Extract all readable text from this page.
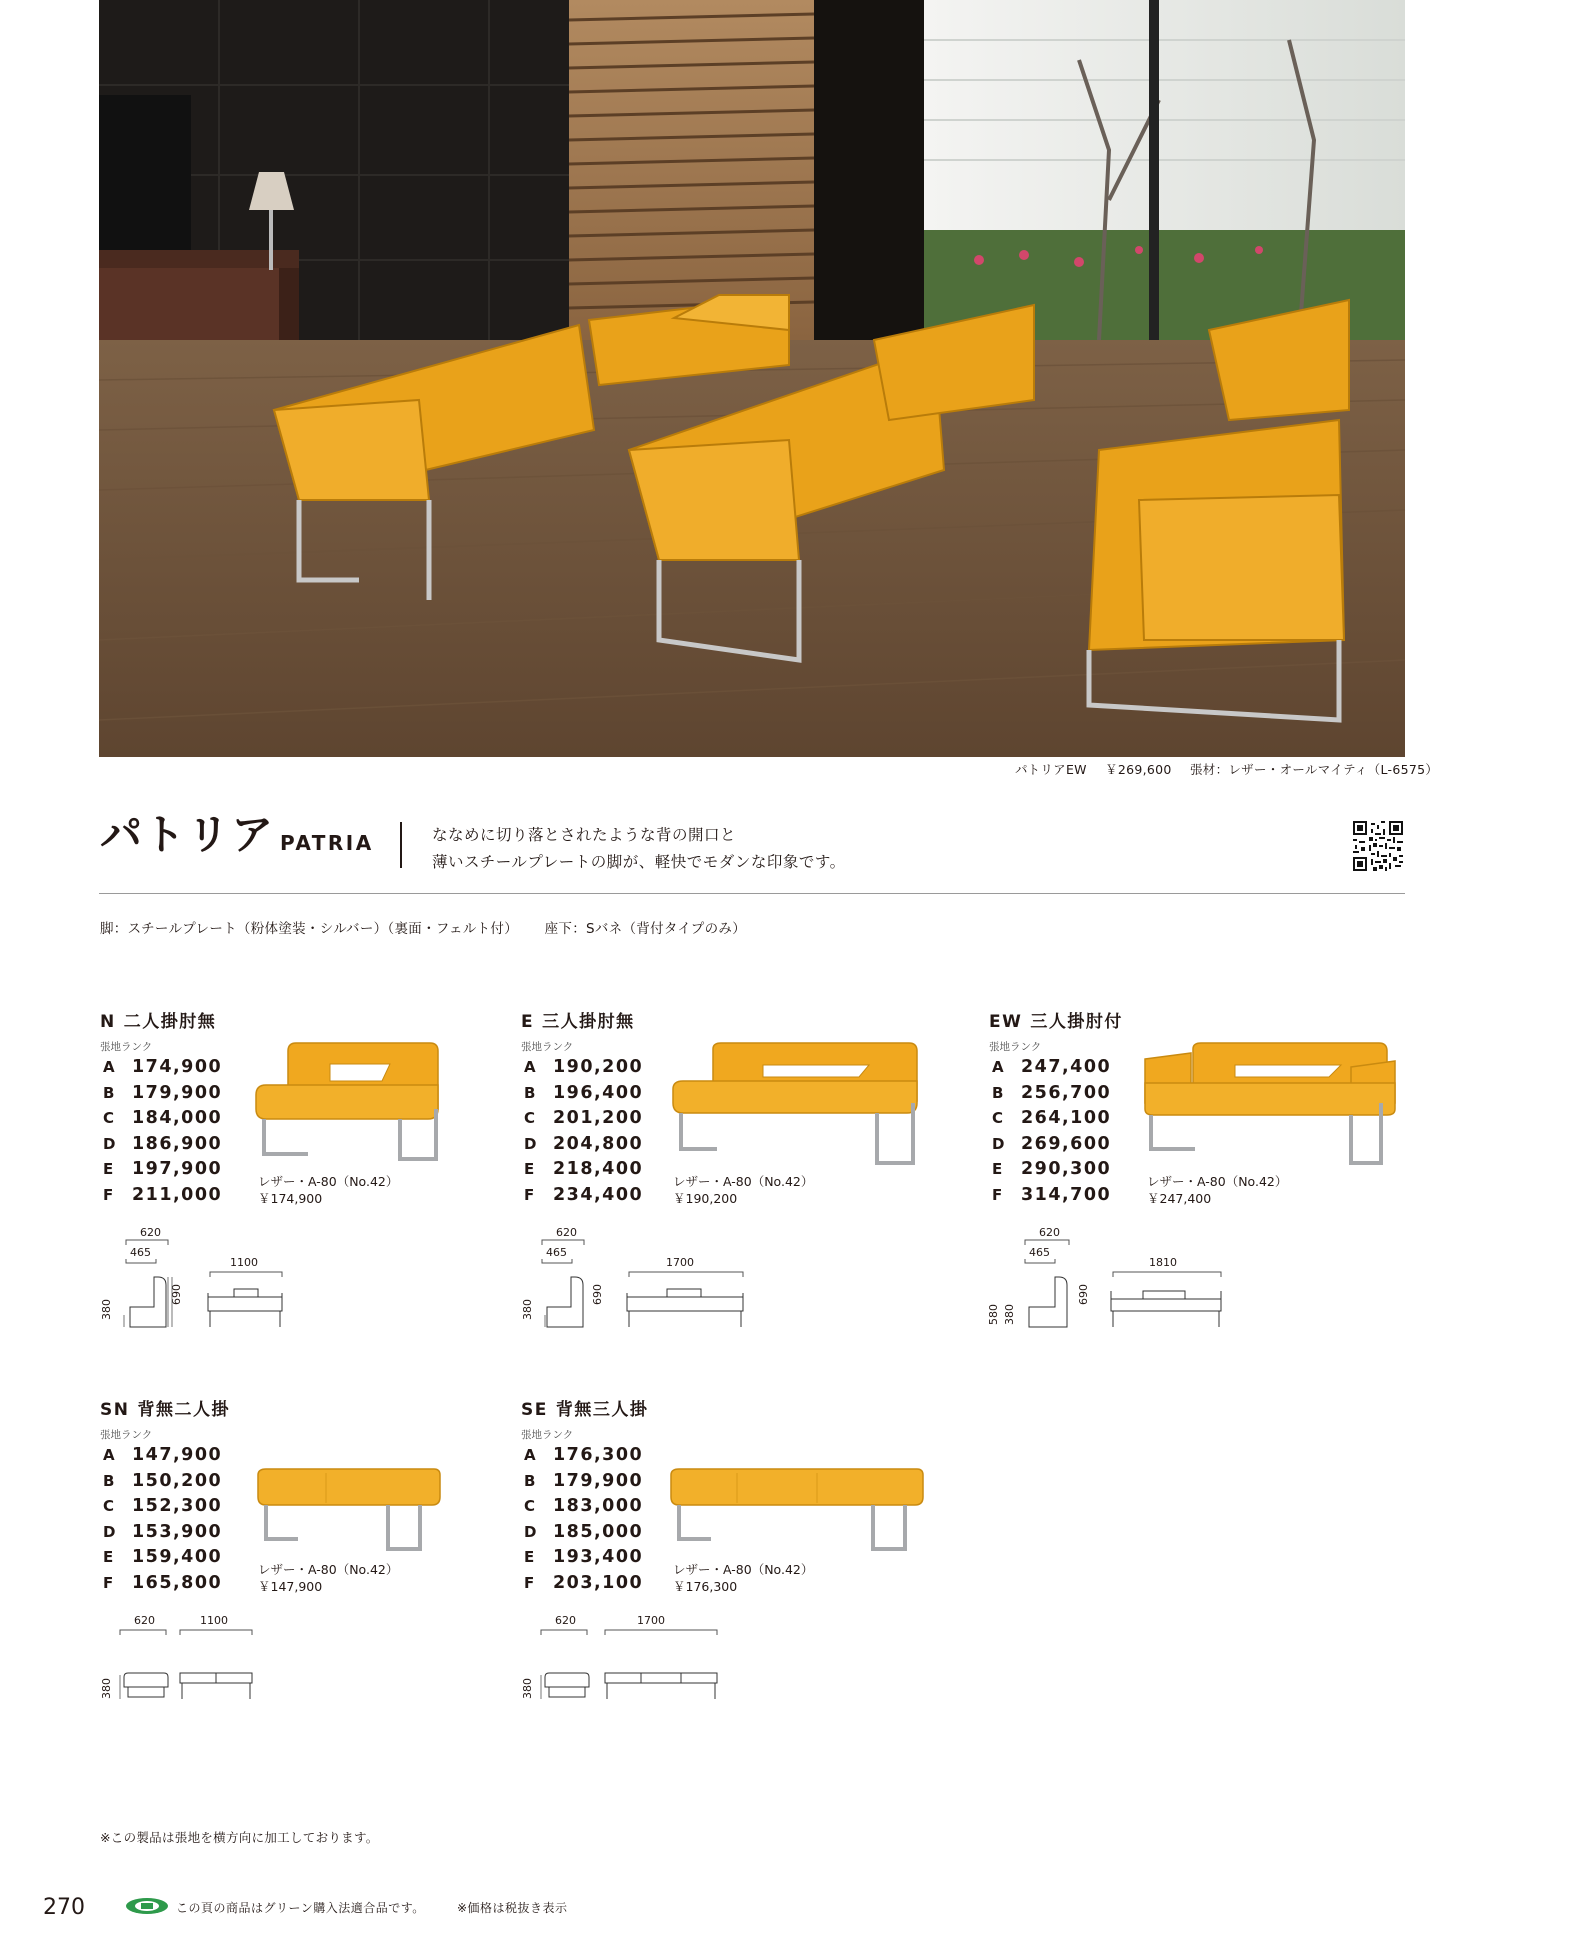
パトリアEW ￥269,600 張材：レザー・オールマイティ（L-6575）
パトリア PATRIA	ななめに切り落とされたような背の開口と
薄いスチールプレートの脚が、軽快でモダンな印象です。
脚：スチールプレート（粉体塗装・シルバー）（裏面・フェルト付） 座下：Sバネ（背付タイプのみ）
N 二人掛肘無
張地ランク
A 174,900
B 179,900
C 184,000
D 186,900
E 197,900
F 211,000
レザー・A-80（No.42）
￥174,900
620
465
1100
380
690
E 三人掛肘無
張地ランク
A 190,200
B 196,400
C 201,200
D 204,800
E 218,400
F 234,400
レザー・A-80（No.42）
￥190,200
620
465
1700
380
690
EW 三人掛肘付
張地ランク
A 247,400
B 256,700
C 264,100
D 269,600
E 290,300
F 314,700
レザー・A-80（No.42）
￥247,400
620
465
1810
580 380
690
SN 背無二人掛
張地ランク
A 147,900
B 150,200
C 152,300
D 153,900
E 159,400
F 165,800
レザー・A-80（No.42）
￥147,900
620	1100
380
SE 背無三人掛
張地ランク
A 176,300
B 179,900
C 183,000
D 185,000
E 193,400
F 203,100
レザー・A-80（No.42）
￥176,300
620	1700
380
※この製品は張地を横方向に加工しております。
270	この頁の商品はグリーン購入法適合品です。	※価格は税抜き表示
